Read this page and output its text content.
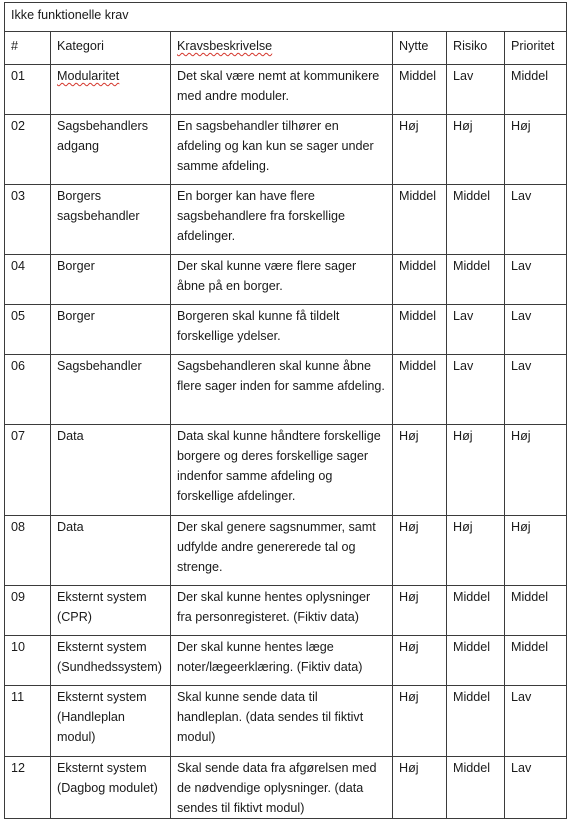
Ikke funktionelle krav					
#	Kategori	Kravsbeskrivelse	Nytte	Risiko	Prioritet
01	Modularitet	Det skal være nemt at kommunikere med andre moduler.	Middel	Lav	Middel
02	Sagsbehandlers adgang	En sagsbehandler tilhører en afdeling og kan kun se sager under samme afdeling.	Høj	Høj	Høj
03	Borgers sagsbehandler	En borger kan have flere sagsbehandlere fra forskellige afdelinger.	Middel	Middel	Lav
04	Borger	Der skal kunne være flere sager åbne på en borger.	Middel	Middel	Lav
05	Borger	Borgeren skal kunne få tildelt forskellige ydelser.	Middel	Lav	Lav
06	Sagsbehandler	Sagsbehandleren skal kunne åbne flere sager inden for samme afdeling.	Middel	Lav	Lav
07	Data	Data skal kunne håndtere forskellige borgere og deres forskellige sager indenfor samme afdeling og forskellige afdelinger.	Høj	Høj	Høj
08	Data	Der skal genere sagsnummer, samt udfylde andre genererede tal og strenge.	Høj	Høj	Høj
09	Eksternt system (CPR)	Der skal kunne hentes oplysninger fra personregisteret. (Fiktiv data)	Høj	Middel	Middel
10	Eksternt system (Sundhedssystem)	Der skal kunne hentes læge noter/lægeerklæring. (Fiktiv data)	Høj	Middel	Middel
11	Eksternt system (Handleplan modul)	Skal kunne sende data til handleplan. (data sendes til fiktivt modul)	Høj	Middel	Lav
12	Eksternt system (Dagbog modulet)	Skal sende data fra afgørelsen med de nødvendige oplysninger. (data sendes til fiktivt modul)	Høj	Middel	Lav
